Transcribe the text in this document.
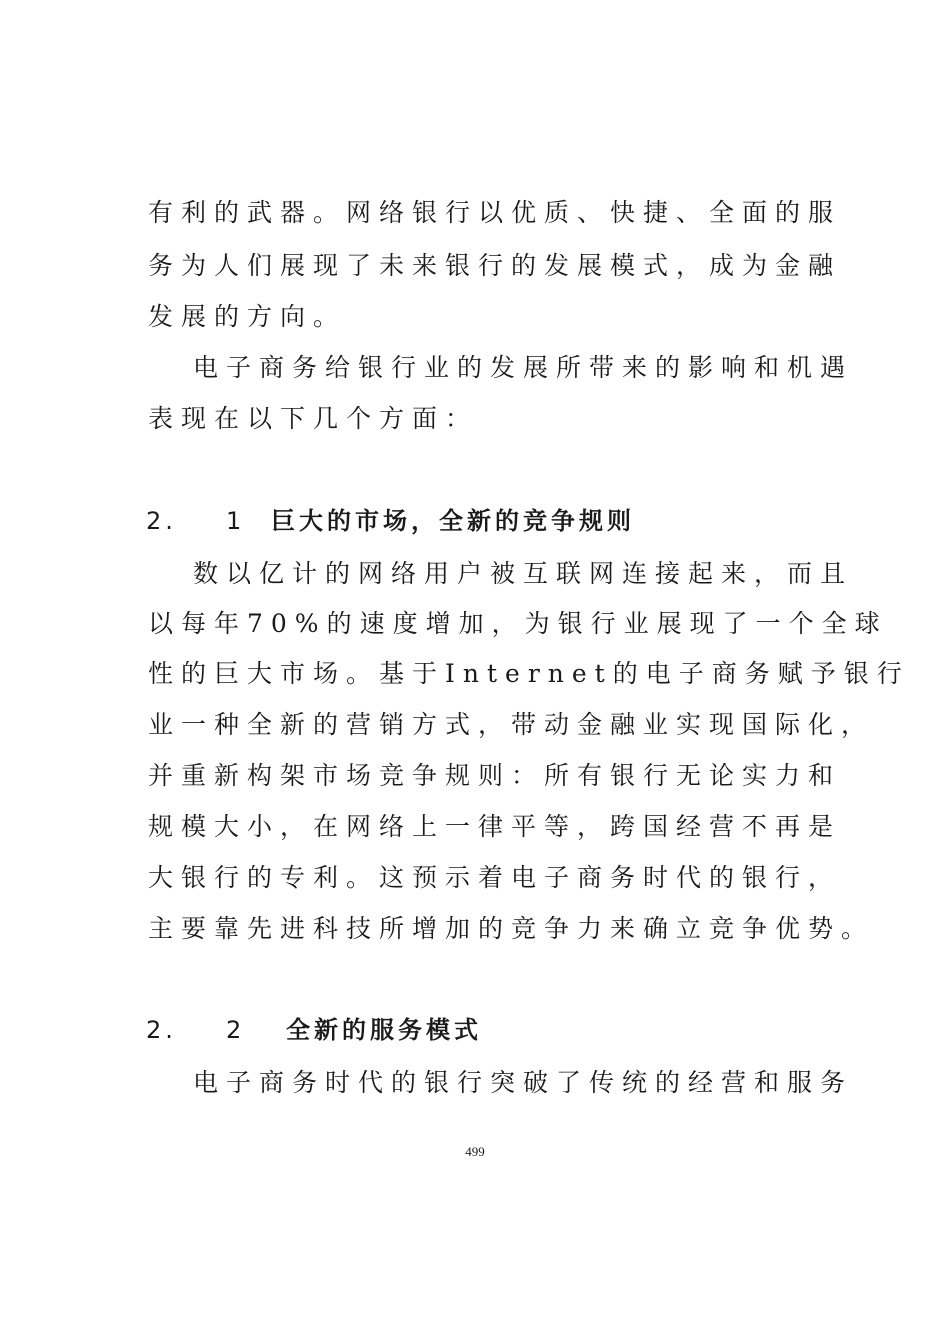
有利的武器。网络银行以优质、快捷、全面的服
务为人们展现了未来银行的发展模式，成为金融
发展的方向。
电子商务给银行业的发展所带来的影响和机遇
表现在以下几个方面：
2. 1 巨大的市场，全新的竞争规则
数以亿计的网络用户被互联网连接起来，而且
以每年70%的速度增加，为银行业展现了一个全球
性的巨大市场。基于Internet的电子商务赋予银行
业一种全新的营销方式，带动金融业实现国际化，
并重新构架市场竞争规则：所有银行无论实力和
规模大小，在网络上一律平等，跨国经营不再是
大银行的专利。这预示着电子商务时代的银行，
主要靠先进科技所增加的竞争力来确立竞争优势。
2. 2 全新的服务模式
电子商务时代的银行突破了传统的经营和服务
499
